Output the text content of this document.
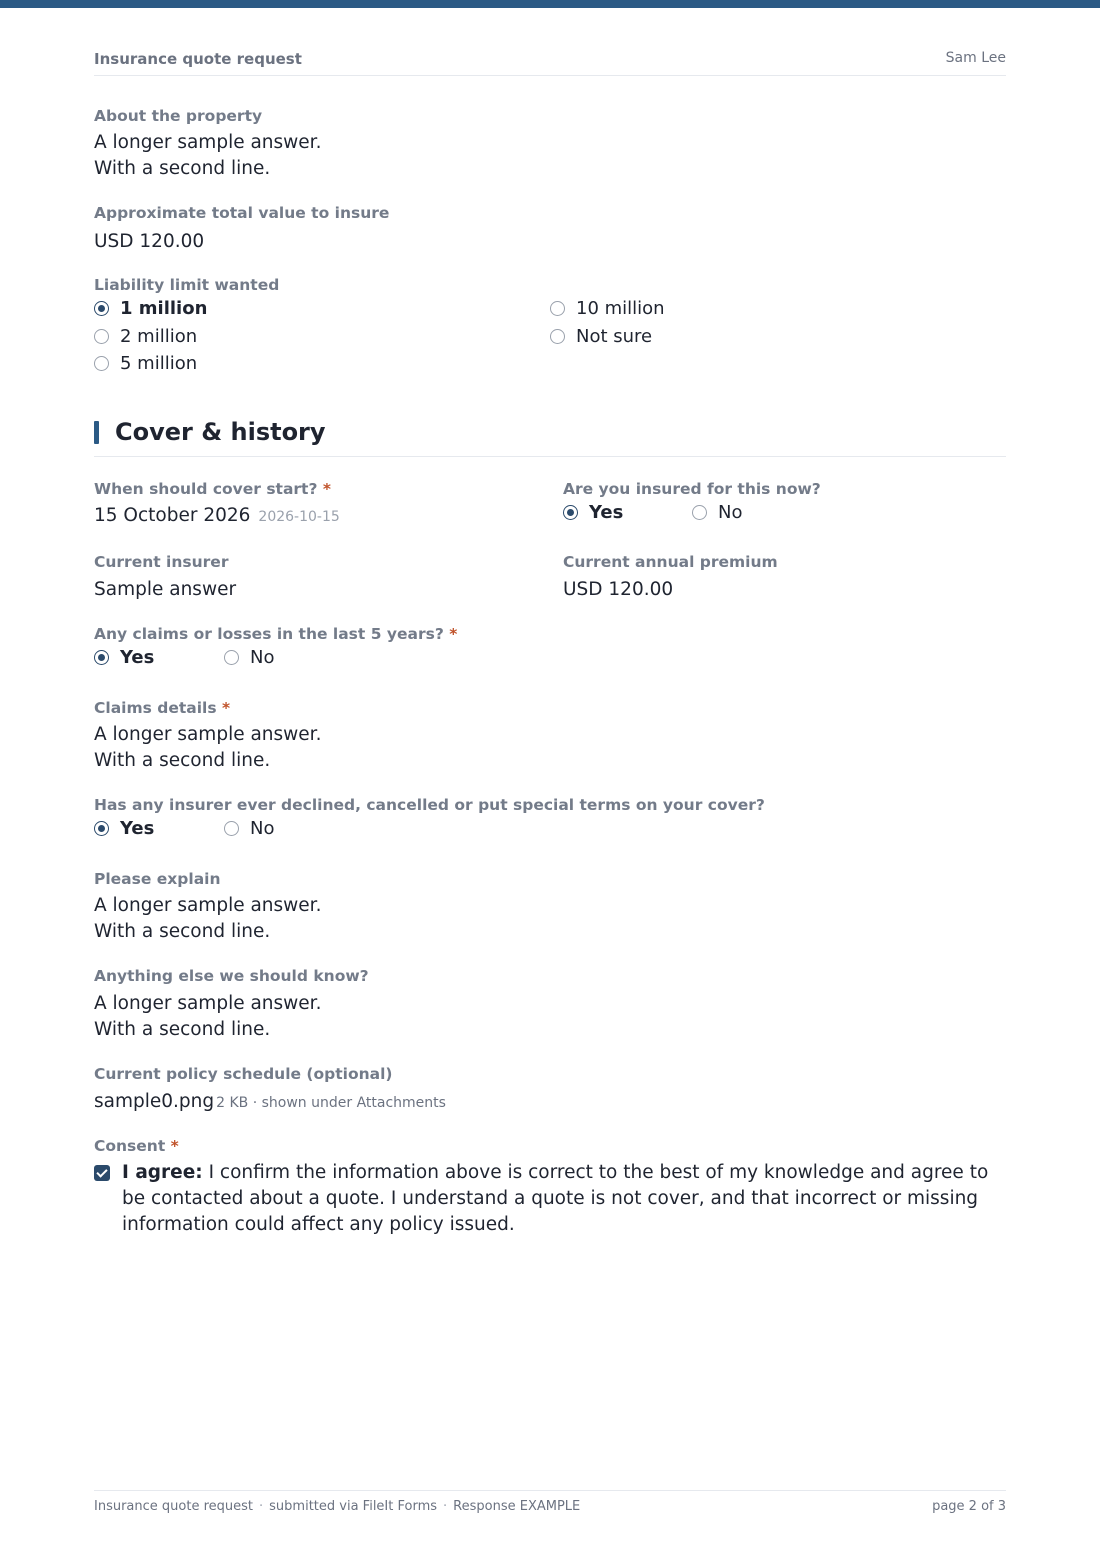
Insurance quote request	Sam Lee
About the property
A longer sample answer.
With a second line.
Approximate total value to insure
USD 120.00
Liability limit wanted
1 million
2 million
5 million
10 million
Not sure
Cover & history
When should cover start? *
15 October 2026 2026-10-15
Are you insured for this now?
Yes	No
Current insurer
Sample answer
Current annual premium
USD 120.00
Any claims or losses in the last 5 years? *
Yes	No
Claims details *
A longer sample answer.
With a second line.
Has any insurer ever declined, cancelled or put special terms on your cover?
Yes	No
Please explain
A longer sample answer.
With a second line.
Anything else we should know?
A longer sample answer.
With a second line.
Current policy schedule (optional)
sample0.png 2 KB · shown under Attachments
Consent *
I agree: I confirm the information above is correct to the best of my knowledge and agree to be contacted about a quote. I understand a quote is not cover, and that incorrect or missing information could affect any policy issued.
Insurance quote request · submitted via FileIt Forms · Response EXAMPLE	page 2 of 3
